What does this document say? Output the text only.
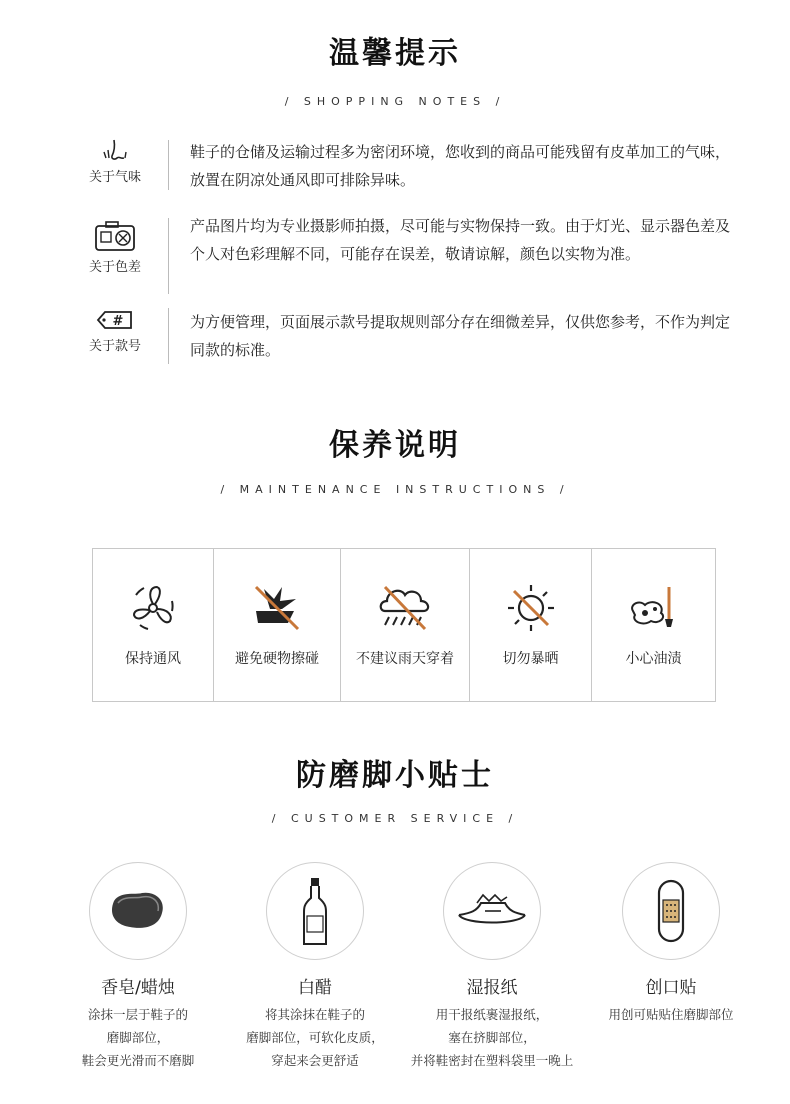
温馨提示
/ SHOPPING NOTES /
关于气味
鞋子的仓储及运输过程多为密闭环境，您收到的商品可能残留有皮革加工的气味，放置在阴凉处通风即可排除异味。
关于色差
产品图片均为专业摄影师拍摄，尽可能与实物保持一致。由于灯光、显示器色差及个人对色彩理解不同，可能存在误差，敬请谅解，颜色以实物为准。
#
关于款号
为方便管理，页面展示款号提取规则部分存在细微差异，仅供您参考，不作为判定同款的标准。
保养说明
/ MAINTENANCE INSTRUCTIONS /
保持通风	避免硬物擦碰	不建议雨天穿着	切勿暴晒	小心油渍
防磨脚小贴士
/ CUSTOMER SERVICE /
香皂/蜡烛
涂抹一层于鞋子的
磨脚部位，
鞋会更光滑而不磨脚
白醋
将其涂抹在鞋子的
磨脚部位，可软化皮质，
穿起来会更舒适
湿报纸
用干报纸裹湿报纸，
塞在挤脚部位，
并将鞋密封在塑料袋里一晚上
创口贴
用创可贴贴住磨脚部位
